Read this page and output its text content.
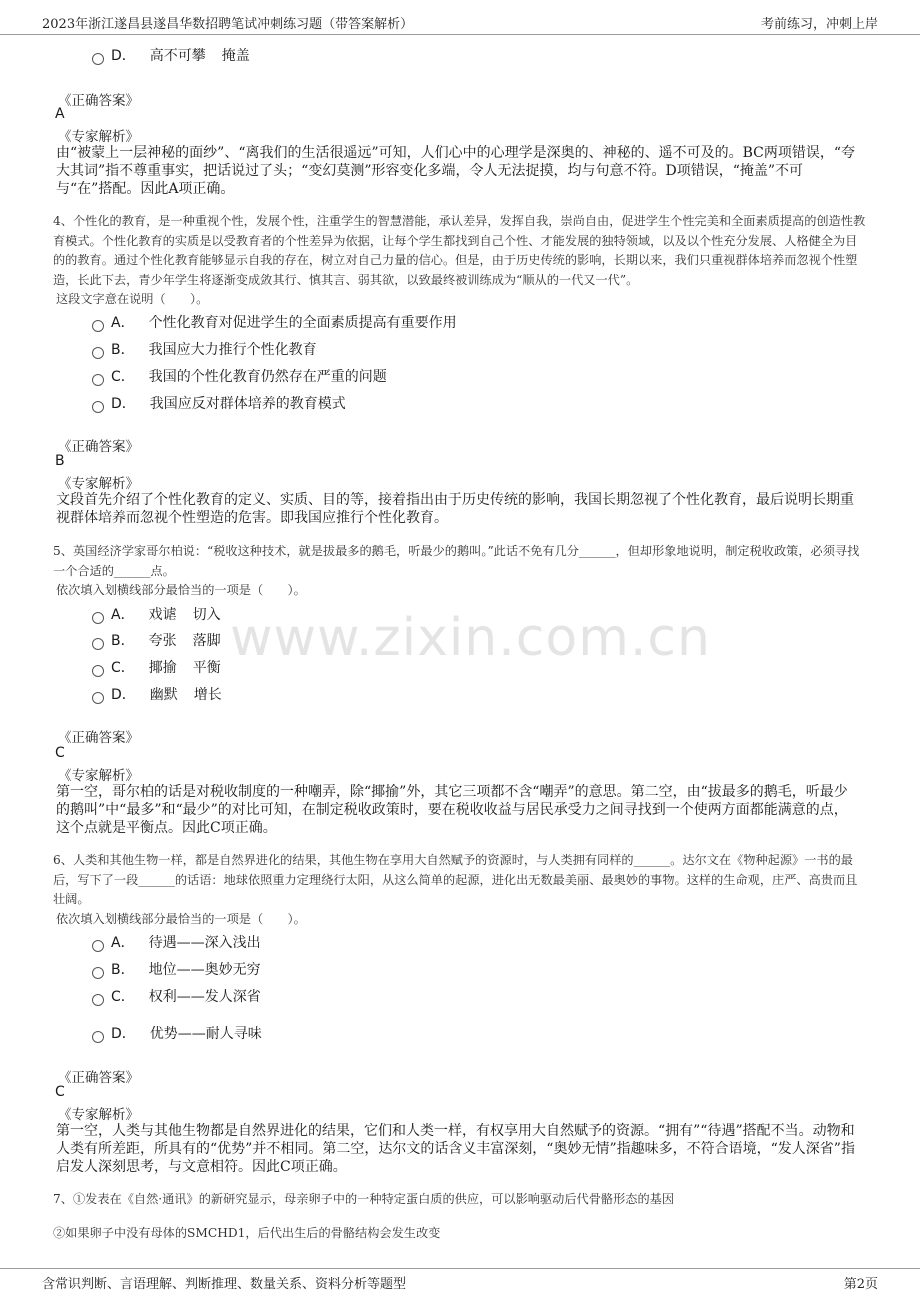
2023年浙江遂昌县遂昌华数招聘笔试冲刺练习题（带答案解析）	考前练习，冲刺上岸
www.zixin.com.cn
D． 高不可攀 掩盖
《正确答案》
A
《专家解析》
由“被蒙上一层神秘的面纱”、“离我们的生活很遥远”可知，人们心中的心理学是深奥的、神秘的、遥不可及的。BC两项错误，“夸大其词”指不尊重事实，把话说过了头；“变幻莫测”形容变化多端，令人无法捉摸，均与句意不符。D项错误，“掩盖”不可与“在”搭配。因此A项正确。
4、个性化的教育，是一种重视个性，发展个性，注重学生的智慧潜能，承认差异，发挥自我，崇尚自由，促进学生个性完美和全面素质提高的创造性教育模式。个性化教育的实质是以受教育者的个性差异为依据，让每个学生都找到自己个性、才能发展的独特领域，以及以个性充分发展、人格健全为目的的教育。通过个性化教育能够显示自我的存在，树立对自己力量的信心。但是，由于历史传统的影响，长期以来，我们只重视群体培养而忽视个性塑造，长此下去，青少年学生将逐渐变成敛其行、慎其言、弱其欲，以致最终被训练成为“顺从的一代又一代”。
这段文字意在说明（　　）。
A． 个性化教育对促进学生的全面素质提高有重要作用
B． 我国应大力推行个性化教育
C． 我国的个性化教育仍然存在严重的问题
D． 我国应反对群体培养的教育模式
《正确答案》
B
《专家解析》
文段首先介绍了个性化教育的定义、实质、目的等，接着指出由于历史传统的影响，我国长期忽视了个性化教育，最后说明长期重视群体培养而忽视个性塑造的危害。即我国应推行个性化教育。
5、英国经济学家哥尔柏说：“税收这种技术，就是拔最多的鹅毛，听最少的鹅叫。”此话不免有几分______，但却形象地说明，制定税收政策，必须寻找一个合适的______点。
依次填入划横线部分最恰当的一项是（　　）。
A． 戏谑 切入
B． 夸张 落脚
C． 揶揄 平衡
D． 幽默 增长
《正确答案》
C
《专家解析》
第一空，哥尔柏的话是对税收制度的一种嘲弄，除“揶揄”外，其它三项都不含“嘲弄”的意思。第二空，由“拔最多的鹅毛，听最少的鹅叫”中“最多”和“最少”的对比可知，在制定税收政策时，要在税收收益与居民承受力之间寻找到一个使两方面都能满意的点，这个点就是平衡点。因此C项正确。
6、人类和其他生物一样，都是自然界进化的结果，其他生物在享用大自然赋予的资源时，与人类拥有同样的______。达尔文在《物种起源》一书的最后，写下了一段______的话语：地球依照重力定理绕行太阳，从这么简单的起源，进化出无数最美丽、最奥妙的事物。这样的生命观，庄严、高贵而且壮阔。
依次填入划横线部分最恰当的一项是（　　）。
A． 待遇——深入浅出
B． 地位——奥妙无穷
C． 权利——发人深省
D． 优势——耐人寻味
《正确答案》
C
《专家解析》
第一空，人类与其他生物都是自然界进化的结果，它们和人类一样，有权享用大自然赋予的资源。“拥有”“待遇”搭配不当。动物和人类有所差距，所具有的“优势”并不相同。第二空，达尔文的话含义丰富深刻，“奥妙无情”指趣味多，不符合语境，“发人深省”指启发人深刻思考，与文意相符。因此C项正确。
7、①发表在《自然·通讯》的新研究显示，母亲卵子中的一种特定蛋白质的供应，可以影响驱动后代骨骼形态的基因
②如果卵子中没有母体的SMCHD1，后代出生后的骨骼结构会发生改变
含常识判断、言语理解、判断推理、数量关系、资料分析等题型	第2页
